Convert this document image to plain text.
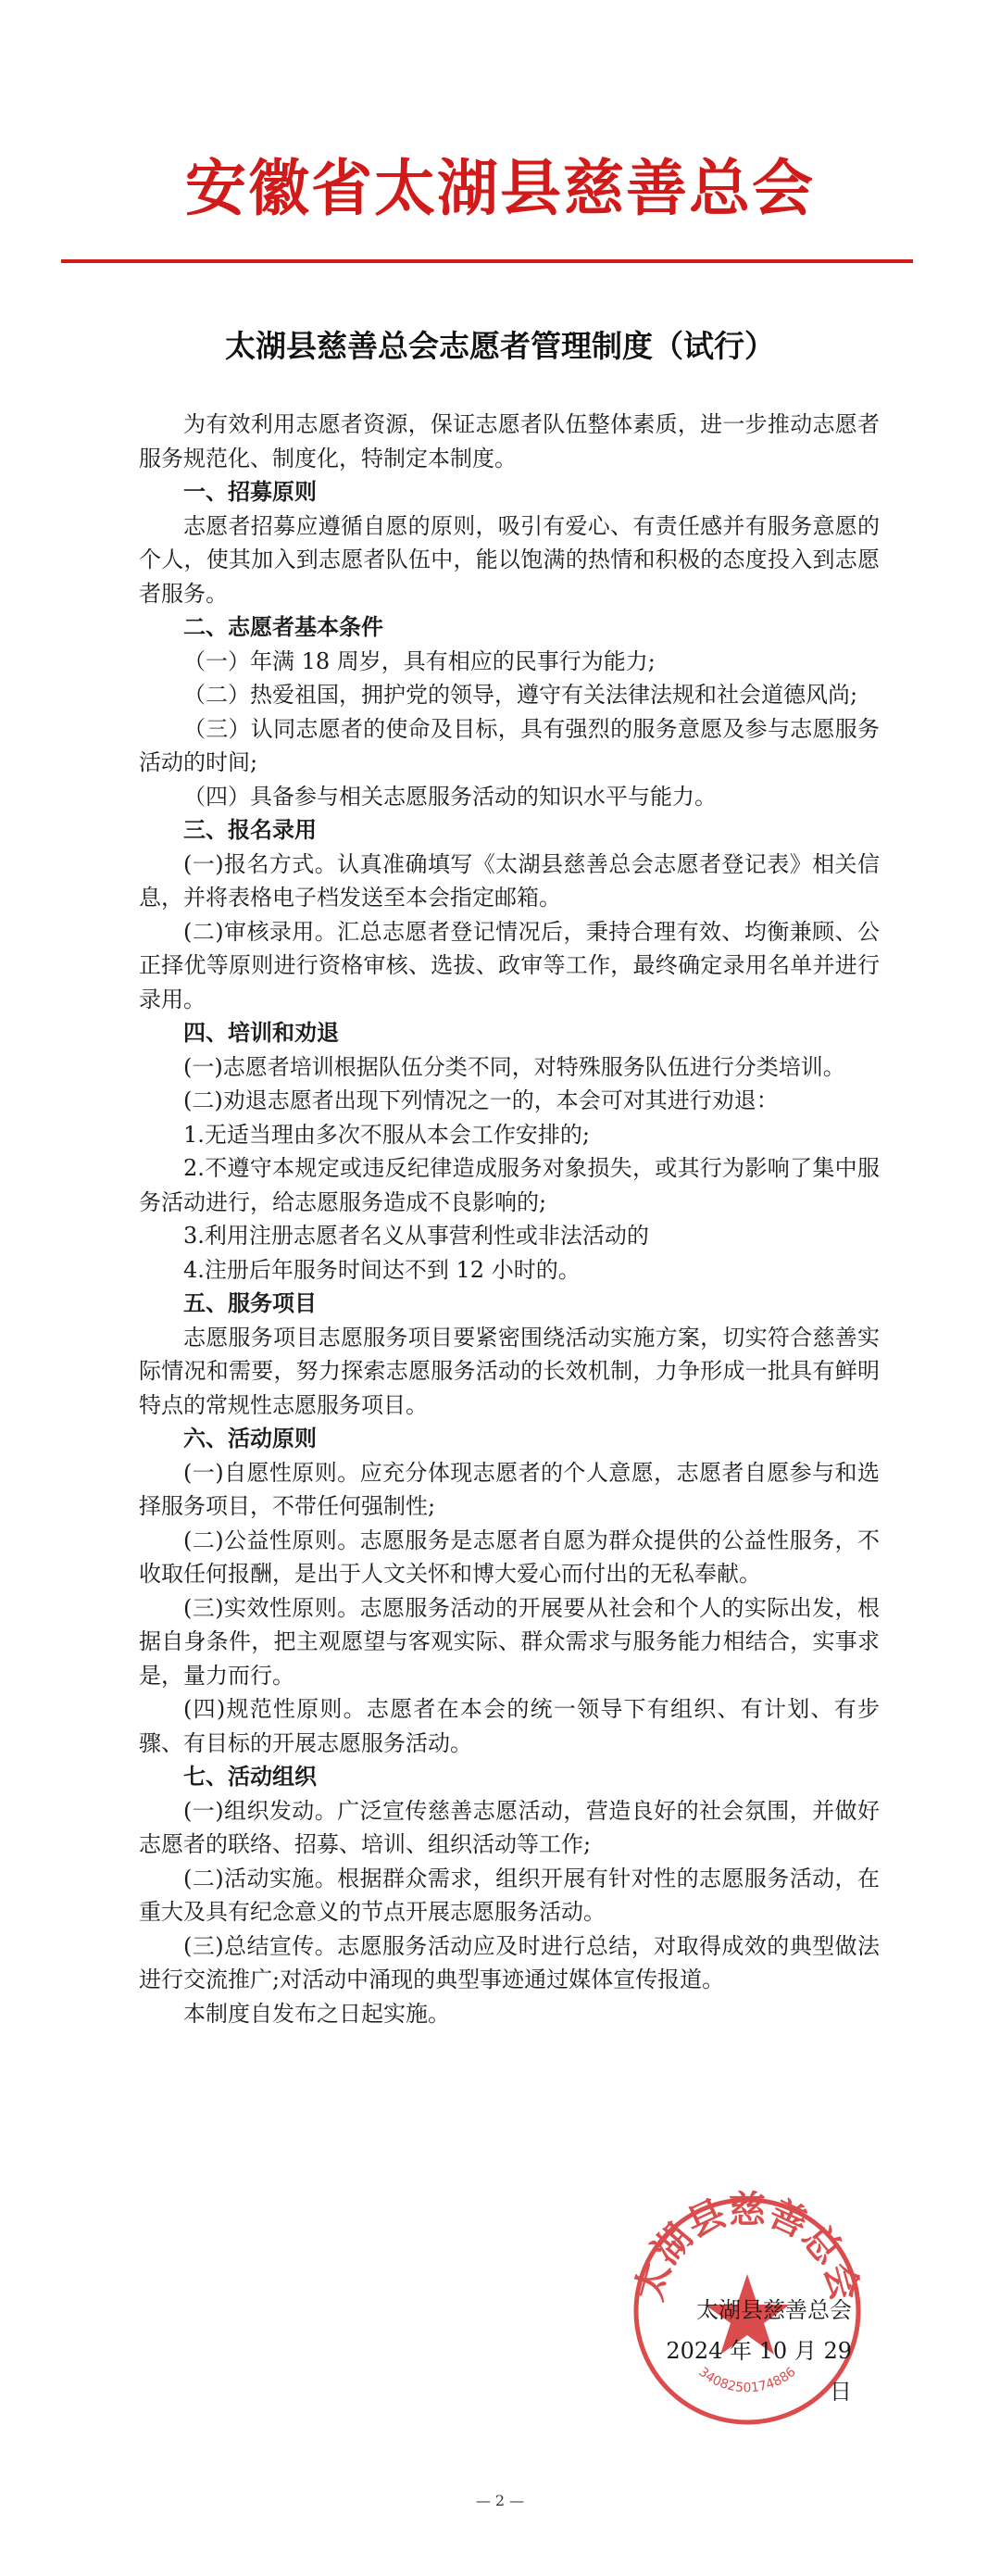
安徽省太湖县慈善总会
太湖县慈善总会志愿者管理制度（试行）

为有效利用志愿者资源，保证志愿者队伍整体素质，进一步推动志愿者服务规范化、制度化，特制定本制度。

一、招募原则

志愿者招募应遵循自愿的原则，吸引有爱心、有责任感并有服务意愿的个人，使其加入到志愿者队伍中，能以饱满的热情和积极的态度投入到志愿者服务。

二、志愿者基本条件

（一）年满 18 周岁，具有相应的民事行为能力;

（二）热爱祖国，拥护党的领导，遵守有关法律法规和社会道德风尚;

（三）认同志愿者的使命及目标，具有强烈的服务意愿及参与志愿服务活动的时间;

（四）具备参与相关志愿服务活动的知识水平与能力。

三、报名录用

(一)报名方式。认真准确填写《太湖县慈善总会志愿者登记表》相关信息，并将表格电子档发送至本会指定邮箱。

(二)审核录用。汇总志愿者登记情况后，秉持合理有效、均衡兼顾、公正择优等原则进行资格审核、选拔、政审等工作，最终确定录用名单并进行录用。

四、培训和劝退

(一)志愿者培训根据队伍分类不同，对特殊服务队伍进行分类培训。

(二)劝退志愿者出现下列情况之一的，本会可对其进行劝退：

1.无适当理由多次不服从本会工作安排的;

2.不遵守本规定或违反纪律造成服务对象损失，或其行为影响了集中服务活动进行，给志愿服务造成不良影响的;

3.利用注册志愿者名义从事营利性或非法活动的

4.注册后年服务时间达不到 12 小时的。

五、服务项目

志愿服务项目志愿服务项目要紧密围绕活动实施方案，切实符合慈善实际情况和需要，努力探索志愿服务活动的长效机制，力争形成一批具有鲜明特点的常规性志愿服务项目。

六、活动原则

(一)自愿性原则。应充分体现志愿者的个人意愿，志愿者自愿参与和选择服务项目，不带任何强制性;

(二)公益性原则。志愿服务是志愿者自愿为群众提供的公益性服务，不收取任何报酬，是出于人文关怀和博大爱心而付出的无私奉献。

(三)实效性原则。志愿服务活动的开展要从社会和个人的实际出发，根据自身条件，把主观愿望与客观实际、群众需求与服务能力相结合，实事求是，量力而行。

(四)规范性原则。志愿者在本会的统一领导下有组织、有计划、有步骤、有目标的开展志愿服务活动。

七、活动组织

(一)组织发动。广泛宣传慈善志愿活动，营造良好的社会氛围，并做好志愿者的联络、招募、培训、组织活动等工作;

(二)活动实施。根据群众需求，组织开展有针对性的志愿服务活动，在重大及具有纪念意义的节点开展志愿服务活动。

(三)总结宣传。志愿服务活动应及时进行总结，对取得成效的典型做法进行交流推广;对活动中涌现的典型事迹通过媒体宣传报道。

本制度自发布之日起实施。

太湖县慈善总会
3408250174886
太湖县慈善总会
2024 年 10 月 29 日
— 2 —
